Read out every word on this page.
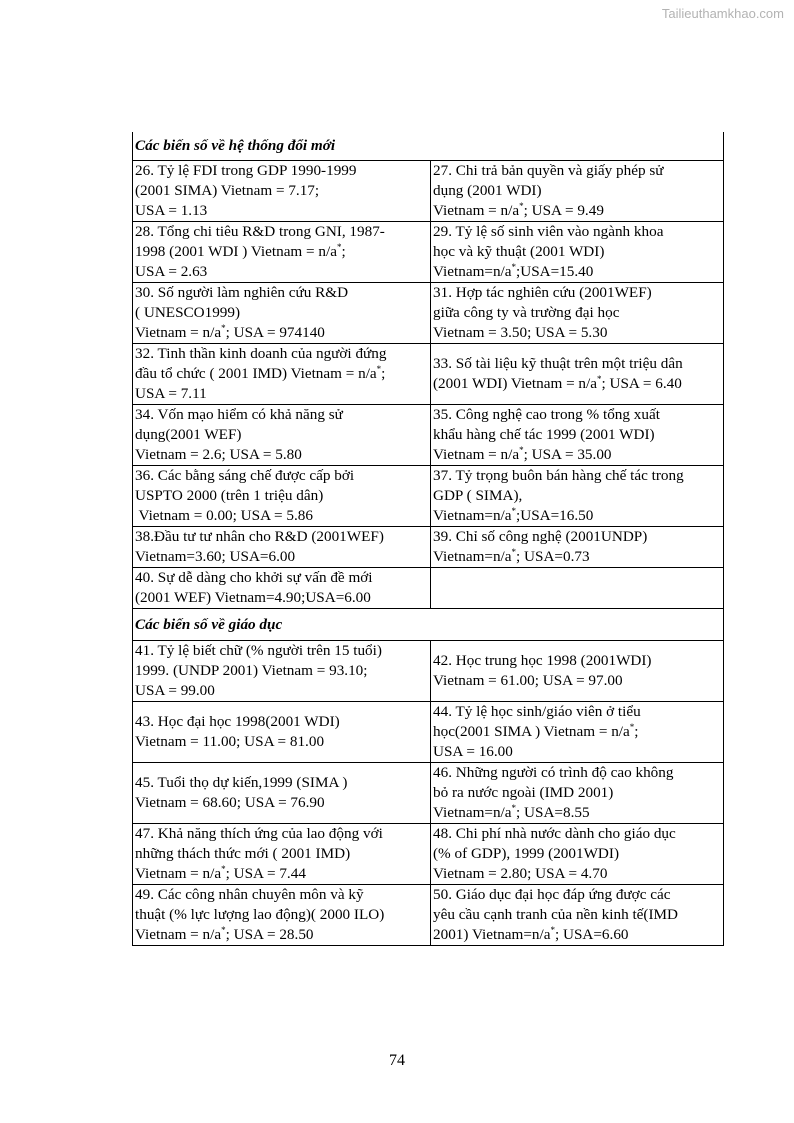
Tailieuthamkhao.com
Các biến số về hệ thống đổi mới	

26. Tỷ lệ FDI trong GDP 1990-1999
(2001 SIMA) Vietnam = 7.17;
USA = 1.13	27. Chi trả bản quyền và giấy phép sử
dụng (2001 WDI)
Vietnam = n/a*; USA = 9.49

28. Tổng chi tiêu R&D trong GNI, 1987-
1998 (2001 WDI ) Vietnam = n/a*;
USA = 2.63	29. Tỷ lệ số sinh viên vào ngành khoa
học và kỹ thuật (2001 WDI)
Vietnam=n/a*;USA=15.40

30. Số người làm nghiên cứu R&D
( UNESCO1999)
Vietnam = n/a*; USA = 974140	31. Hợp tác nghiên cứu (2001WEF)
giữa công ty và trường đại học
Vietnam = 3.50; USA = 5.30

32. Tinh thần kinh doanh của người đứng
đầu tổ chức ( 2001 IMD) Vietnam = n/a*;
USA = 7.11	33. Số tài liệu kỹ thuật trên một triệu dân
(2001 WDI) Vietnam = n/a*; USA = 6.40

34. Vốn mạo hiểm có khả năng sử
dụng(2001 WEF)
Vietnam = 2.6; USA = 5.80	35. Công nghệ cao trong % tổng xuất
khẩu hàng chế tác 1999 (2001 WDI)
Vietnam = n/a*; USA = 35.00

36. Các bằng sáng chế được cấp bởi
USPTO 2000 (trên 1 triệu dân)
Vietnam = 0.00; USA = 5.86	37. Tỷ trọng buôn bán hàng chế tác trong
GDP ( SIMA),
Vietnam=n/a*;USA=16.50

38.Đầu tư tư nhân cho R&D (2001WEF)
Vietnam=3.60; USA=6.00	39. Chỉ số công nghệ (2001UNDP)
Vietnam=n/a*; USA=0.73

40. Sự dễ dàng cho khởi sự vấn đề mới
(2001 WEF) Vietnam=4.90;USA=6.00	

Các biến số về giáo dục	

41. Tỷ lệ biết chữ (% người trên 15 tuổi)
1999. (UNDP 2001) Vietnam = 93.10;
USA = 99.00	42. Học trung học 1998 (2001WDI)
Vietnam = 61.00; USA = 97.00

43. Học đại học 1998(2001 WDI)
Vietnam = 11.00; USA = 81.00	44. Tỷ lệ học sinh/giáo viên ở tiểu
học(2001 SIMA ) Vietnam = n/a*;
USA = 16.00

45. Tuổi thọ dự kiến,1999 (SIMA )
Vietnam = 68.60; USA = 76.90	46. Những người có trình độ cao không
bỏ ra nước ngoài (IMD 2001)
Vietnam=n/a*; USA=8.55

47. Khả năng thích ứng của lao động với
những thách thức mới ( 2001 IMD)
Vietnam = n/a*; USA = 7.44	48. Chi phí nhà nước dành cho giáo dục
(% of GDP), 1999 (2001WDI)
Vietnam = 2.80; USA = 4.70

49. Các công nhân chuyên môn và kỹ
thuật (% lực lượng lao động)( 2000 ILO)
Vietnam = n/a*; USA = 28.50	50. Giáo dục đại học đáp ứng được các
yêu cầu cạnh tranh của nền kinh tế(IMD
2001) Vietnam=n/a*; USA=6.60
74
